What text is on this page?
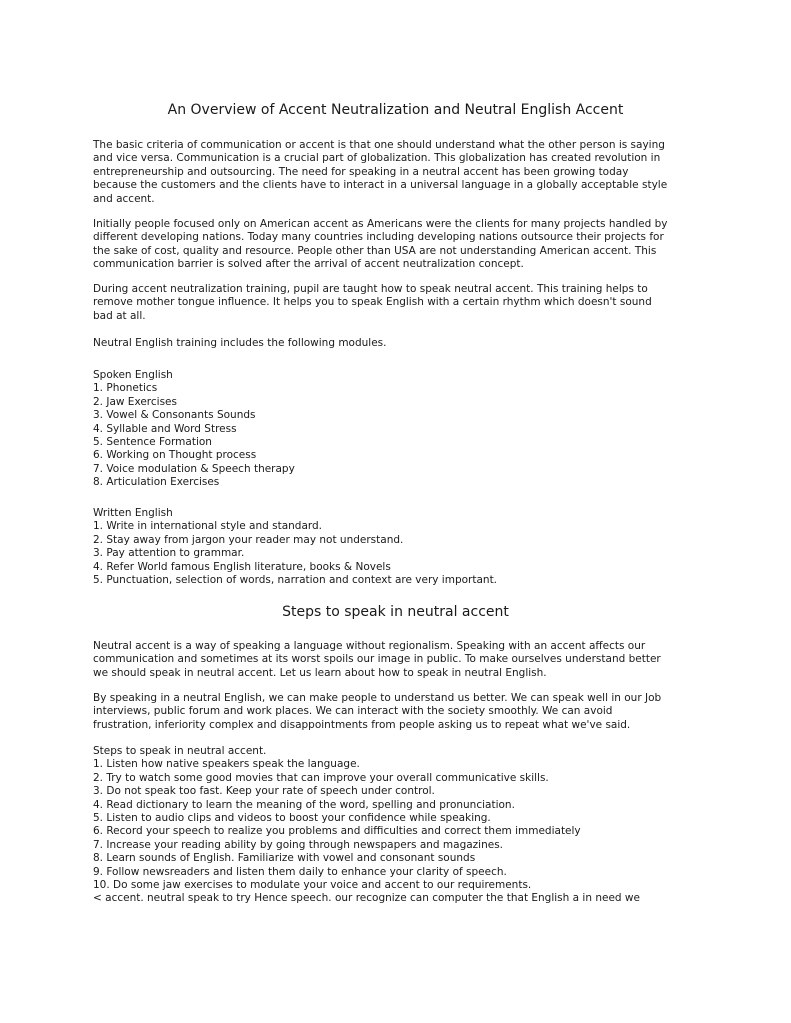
An Overview of Accent Neutralization and Neutral English Accent
The basic criteria of communication or accent is that one should understand what the other person is saying
and vice versa. Communication is a crucial part of globalization. This globalization has created revolution in
entrepreneurship and outsourcing. The need for speaking in a neutral accent has been growing today
because the customers and the clients have to interact in a universal language in a globally acceptable style
and accent.
Initially people focused only on American accent as Americans were the clients for many projects handled by
different developing nations. Today many countries including developing nations outsource their projects for
the sake of cost, quality and resource. People other than USA are not understanding American accent. This
communication barrier is solved after the arrival of accent neutralization concept.
During accent neutralization training, pupil are taught how to speak neutral accent. This training helps to
remove mother tongue influence. It helps you to speak English with a certain rhythm which doesn't sound
bad at all.
Neutral English training includes the following modules.
Spoken English
1. Phonetics
2. Jaw Exercises
3. Vowel & Consonants Sounds
4. Syllable and Word Stress
5. Sentence Formation
6. Working on Thought process
7. Voice modulation & Speech therapy
8. Articulation Exercises
Written English
1. Write in international style and standard.
2. Stay away from jargon your reader may not understand.
3. Pay attention to grammar.
4. Refer World famous English literature, books & Novels
5. Punctuation, selection of words, narration and context are very important.
Steps to speak in neutral accent
Neutral accent is a way of speaking a language without regionalism. Speaking with an accent affects our
communication and sometimes at its worst spoils our image in public. To make ourselves understand better
we should speak in neutral accent. Let us learn about how to speak in neutral English.
By speaking in a neutral English, we can make people to understand us better. We can speak well in our Job
interviews, public forum and work places. We can interact with the society smoothly. We can avoid
frustration, inferiority complex and disappointments from people asking us to repeat what we've said.
Steps to speak in neutral accent.
1. Listen how native speakers speak the language.
2. Try to watch some good movies that can improve your overall communicative skills.
3. Do not speak too fast. Keep your rate of speech under control.
4. Read dictionary to learn the meaning of the word, spelling and pronunciation.
5. Listen to audio clips and videos to boost your confidence while speaking.
6. Record your speech to realize you problems and difficulties and correct them immediately
7. Increase your reading ability by going through newspapers and magazines.
8. Learn sounds of English. Familiarize with vowel and consonant sounds
9. Follow newsreaders and listen them daily to enhance your clarity of speech.
10. Do some jaw exercises to modulate your voice and accent to our requirements.
< accent. neutral speak to try Hence speech. our recognize can computer the that English a in need we
